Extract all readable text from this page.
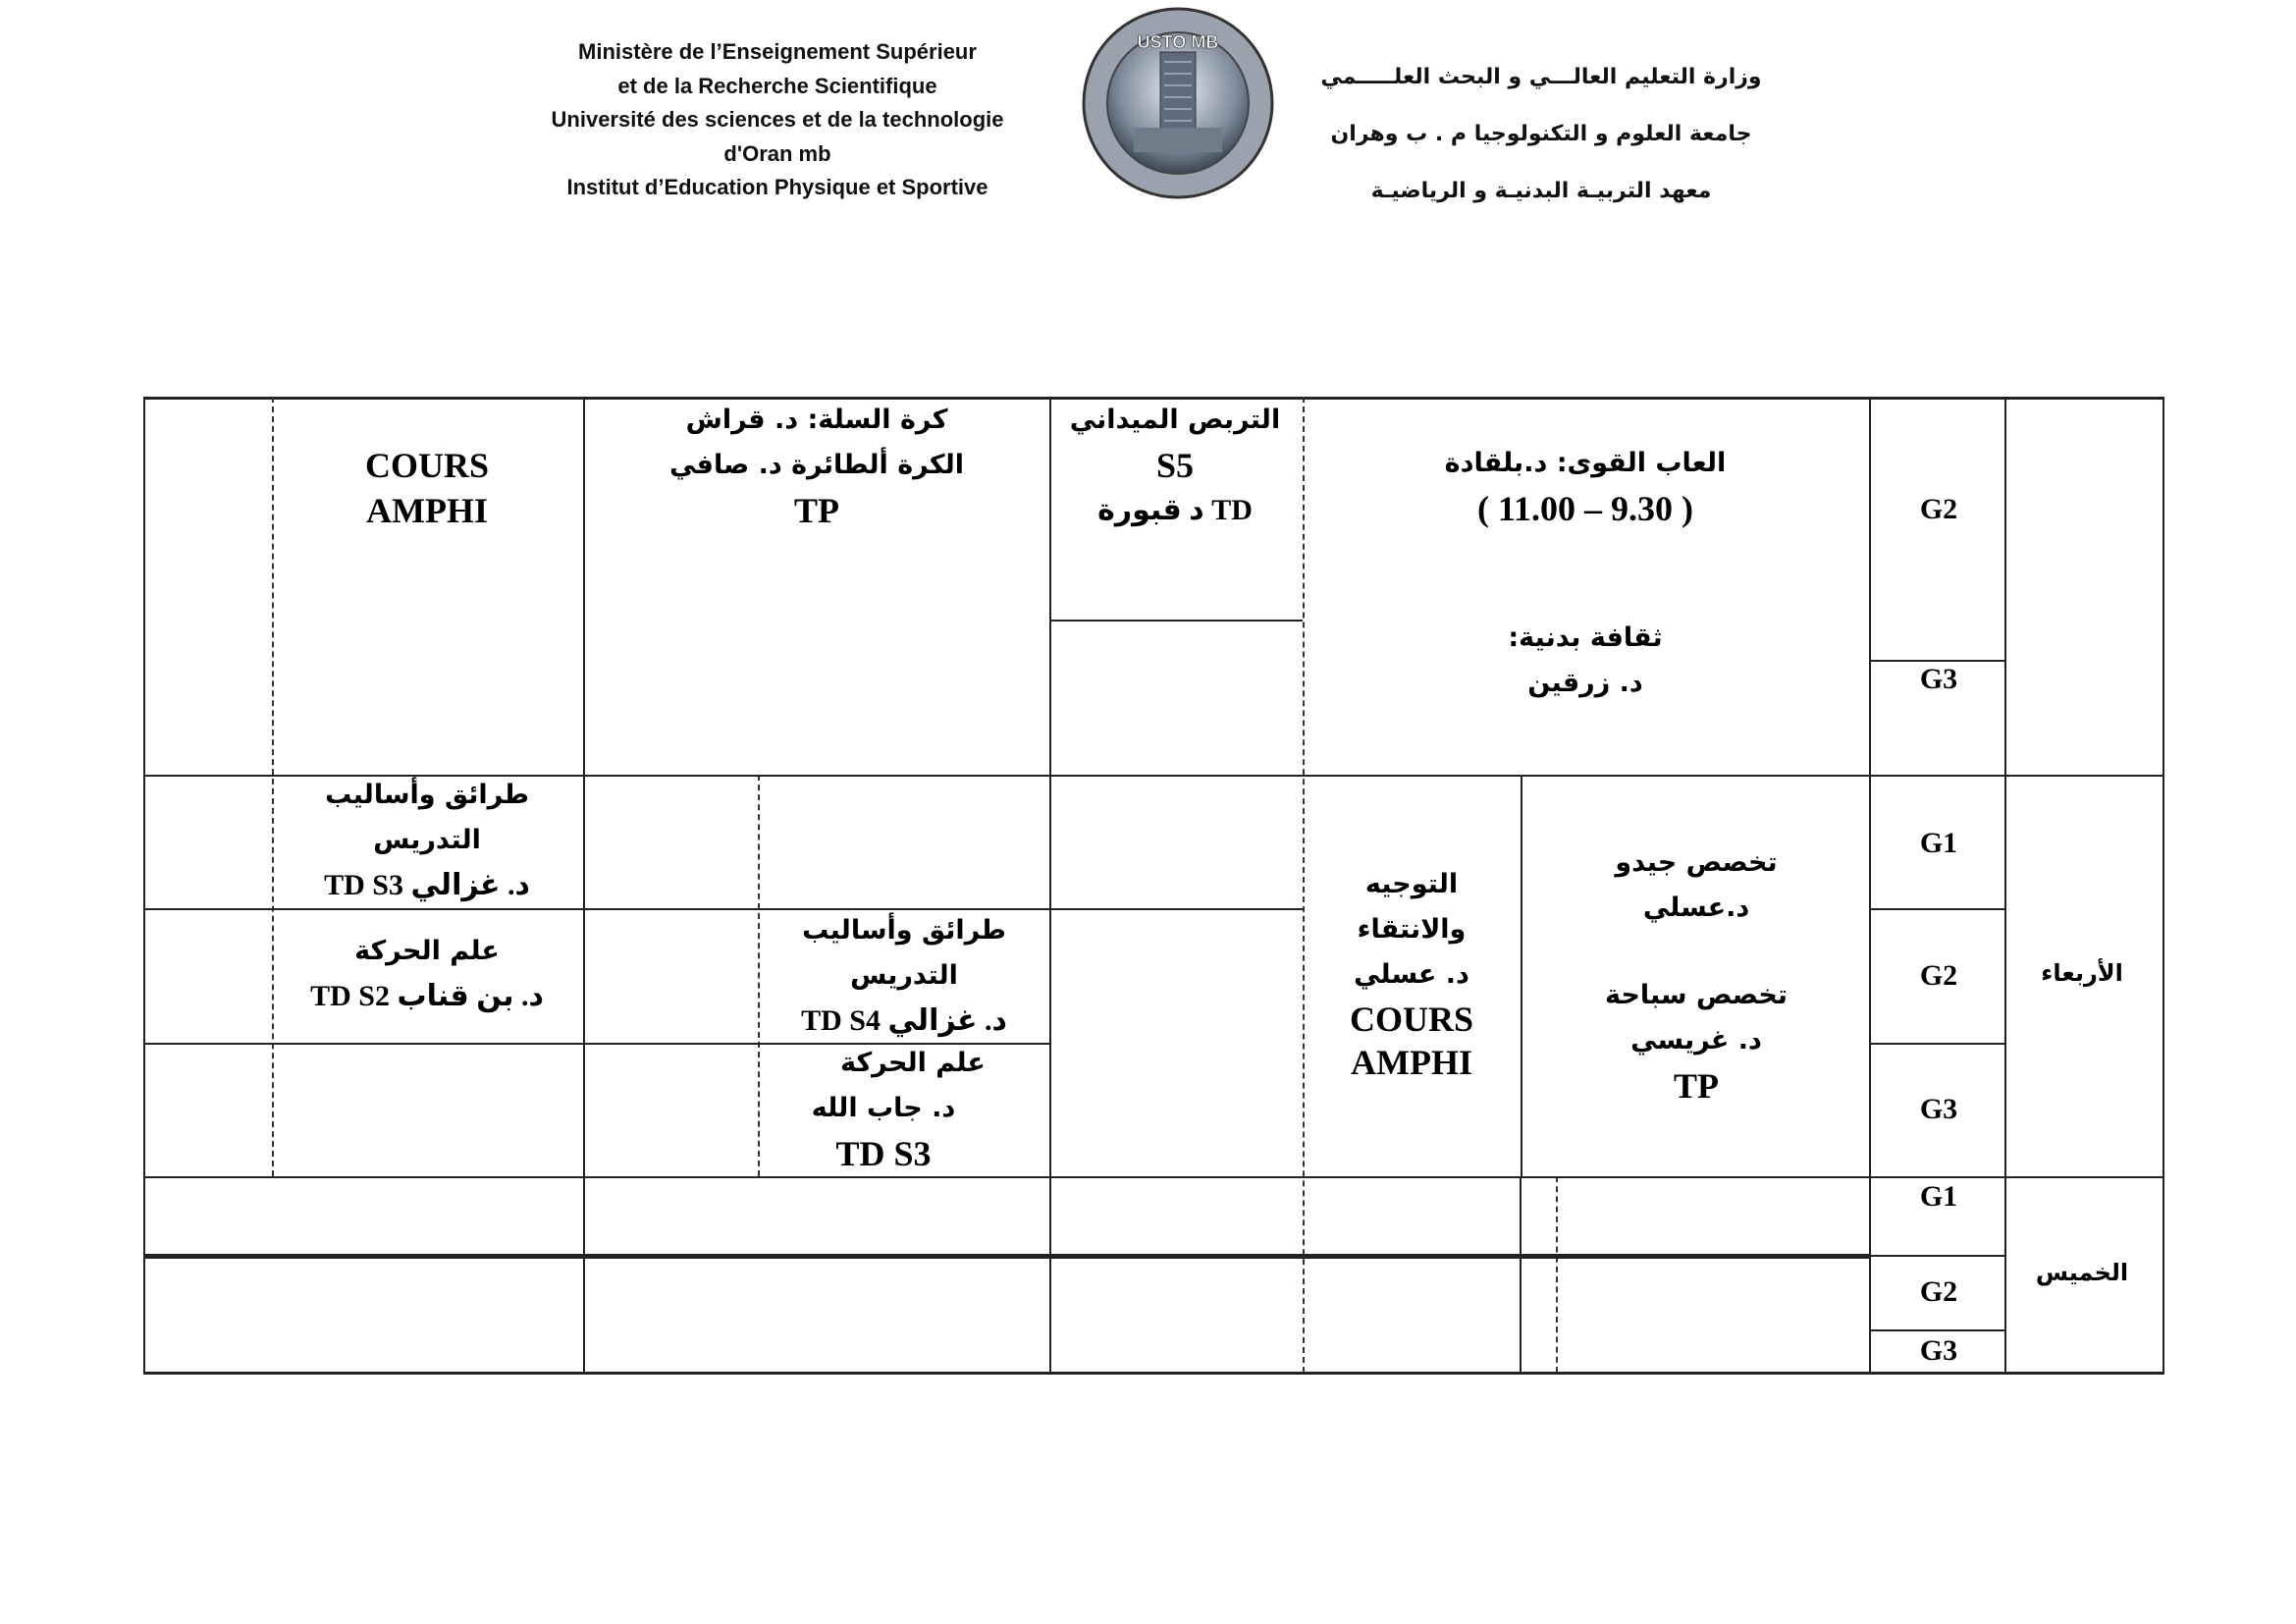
Ministère de l’Enseignement Supérieur
et de la Recherche Scientifique
Université des sciences et de la technologie
d'Oran mb
Institut d’Education Physique et Sportive
USTO MB
وزارة التعليم العالـــي و البحث العلـــــمي
جامعة العلوم و التكنولوجيا م . ب وهران
معهد التربيـة البدنيـة و الرياضيـة
COURS
AMPHI
كرة السلة: د. قراش
الكرة ألطائرة د. صافي
TP
التربص الميداني
S5
TD د قبورة
العاب القوى: د.بلقادة
( 11.00 – 9.30 )
ثقافة بدنية:
د. زرقين
G2
G3
طرائق وأساليب
التدريس
د. غزالي TD S3
علم الحركة
د. بن قناب TD S2
طرائق وأساليب
التدريس
د. غزالي TD S4
علم الحركة
د. جاب الله
TD S3
التوجيه
والانتقاء
د. عسلي
COURS
AMPHI
تخصص جيدو
د.عسلي
تخصص سباحة
د. غريسي
TP
G1
G2
G3
الأربعاء
G1
G2
G3
الخميس
